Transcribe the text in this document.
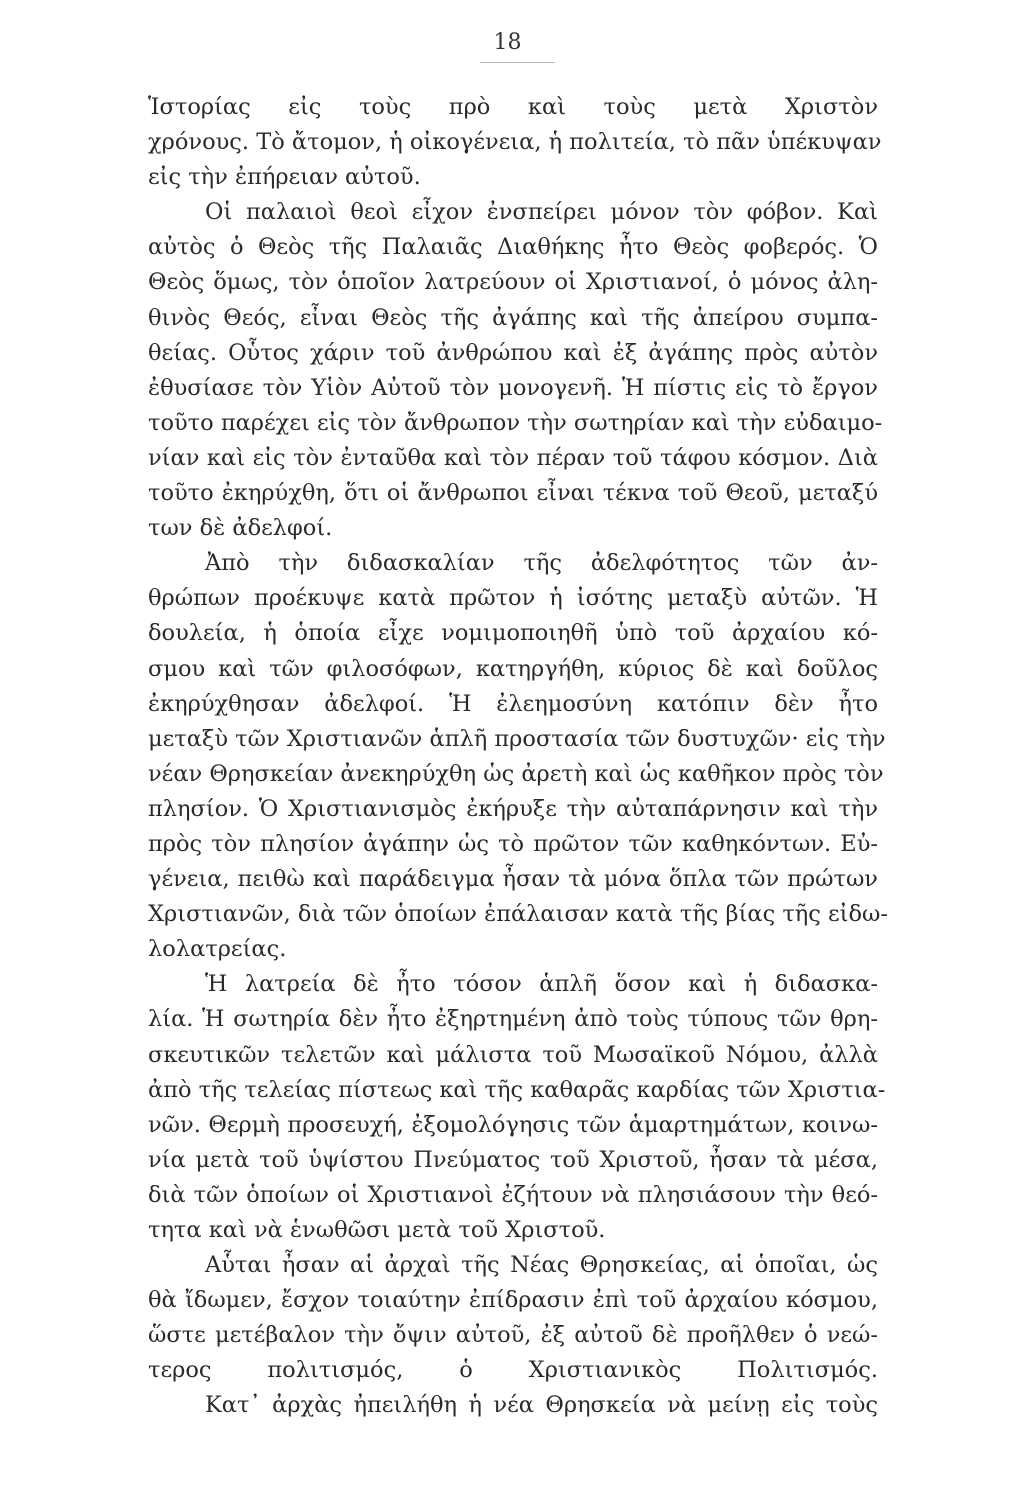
18
Ἱστορίας εἰς τοὺς πρὸ καὶ τοὺς μετὰ Χριστὸν
χρόνους. Τὸ ἄτομον, ἡ οἰκογένεια, ἡ πολιτεία, τὸ πᾶν ὑπέκυψαν
εἰς τὴν ἐπήρειαν αὐτοῦ.
Οἱ παλαιοὶ θεοὶ εἶχον ἐνσπείρει μόνον τὸν φόβον. Καὶ
αὐτὸς ὁ Θεὸς τῆς Παλαιᾶς Διαθήκης ἦτο Θεὸς φοβερός. Ὁ
Θεὸς ὅμως, τὸν ὁποῖον λατρεύουν οἱ Χριστιανοί, ὁ μόνος ἀλη-
θινὸς Θεός, εἶναι Θεὸς τῆς ἀγάπης καὶ τῆς ἀπείρου συμπα-
θείας. Οὗτος χάριν τοῦ ἀνθρώπου καὶ ἐξ ἀγάπης πρὸς αὐτὸν
ἐθυσίασε τὸν Υἱὸν Αὐτοῦ τὸν μονογενῆ. Ἡ πίστις εἰς τὸ ἔργον
τοῦτο παρέχει εἰς τὸν ἄνθρωπον τὴν σωτηρίαν καὶ τὴν εὐδαιμο-
νίαν καὶ εἰς τὸν ἐνταῦθα καὶ τὸν πέραν τοῦ τάφου κόσμον. Διὰ
τοῦτο ἐκηρύχθη, ὅτι οἱ ἄνθρωποι εἶναι τέκνα τοῦ Θεοῦ, μεταξύ
των δὲ ἀδελφοί.
Ἀπὸ τὴν διδασκαλίαν τῆς ἀδελφότητος τῶν ἀν-
θρώπων προέκυψε κατὰ πρῶτον ἡ ἰσότης μεταξὺ αὐτῶν. Ἡ
δουλεία, ἡ ὁποία εἶχε νομιμοποιηθῆ ὑπὸ τοῦ ἀρχαίου κό-
σμου καὶ τῶν φιλοσόφων, κατηργήθη, κύριος δὲ καὶ δοῦλος
ἐκηρύχθησαν ἀδελφοί. Ἡ ἐλεημοσύνη κατόπιν δὲν ἦτο
μεταξὺ τῶν Χριστιανῶν ἁπλῆ προστασία τῶν δυστυχῶν· εἰς τὴν
νέαν Θρησκείαν ἀνεκηρύχθη ὡς ἀρετὴ καὶ ὡς καθῆκον πρὸς τὸν
πλησίον. Ὁ Χριστιανισμὸς ἐκήρυξε τὴν αὐταπάρνησιν καὶ τὴν
πρὸς τὸν πλησίον ἀγάπην ὡς τὸ πρῶτον τῶν καθηκόντων. Εὐ-
γένεια, πειθὼ καὶ παράδειγμα ἦσαν τὰ μόνα ὅπλα τῶν πρώτων
Χριστιανῶν, διὰ τῶν ὁποίων ἐπάλαισαν κατὰ τῆς βίας τῆς εἰδω-
λολατρείας.
Ἡ λατρεία δὲ ἦτο τόσον ἁπλῆ ὅσον καὶ ἡ διδασκα-
λία. Ἡ σωτηρία δὲν ἦτο ἐξηρτημένη ἀπὸ τοὺς τύπους τῶν θρη-
σκευτικῶν τελετῶν καὶ μάλιστα τοῦ Μωσαϊκοῦ Νόμου, ἀλλὰ
ἀπὸ τῆς τελείας πίστεως καὶ τῆς καθαρᾶς καρδίας τῶν Χριστια-
νῶν. Θερμὴ προσευχή, ἐξομολόγησις τῶν ἁμαρτημάτων, κοινω-
νία μετὰ τοῦ ὑψίστου Πνεύματος τοῦ Χριστοῦ, ἦσαν τὰ μέσα,
διὰ τῶν ὁποίων οἱ Χριστιανοὶ ἐζήτουν νὰ πλησιάσουν τὴν θεό-
τητα καὶ νὰ ἑνωθῶσι μετὰ τοῦ Χριστοῦ.
Αὗται ἦσαν αἱ ἀρχαὶ τῆς Νέας Θρησκείας, αἱ ὁποῖαι, ὡς
θὰ ἴδωμεν, ἔσχον τοιαύτην ἐπίδρασιν ἐπὶ τοῦ ἀρχαίου κόσμου,
ὥστε μετέβαλον τὴν ὄψιν αὐτοῦ, ἐξ αὐτοῦ δὲ προῆλθεν ὁ νεώ-
τερος πολιτισμός, ὁ Χριστιανικὸς Πολιτισμός.
Κατ᾽ ἀρχὰς ἠπειλήθη ἡ νέα Θρησκεία νὰ μείνῃ εἰς τοὺς
